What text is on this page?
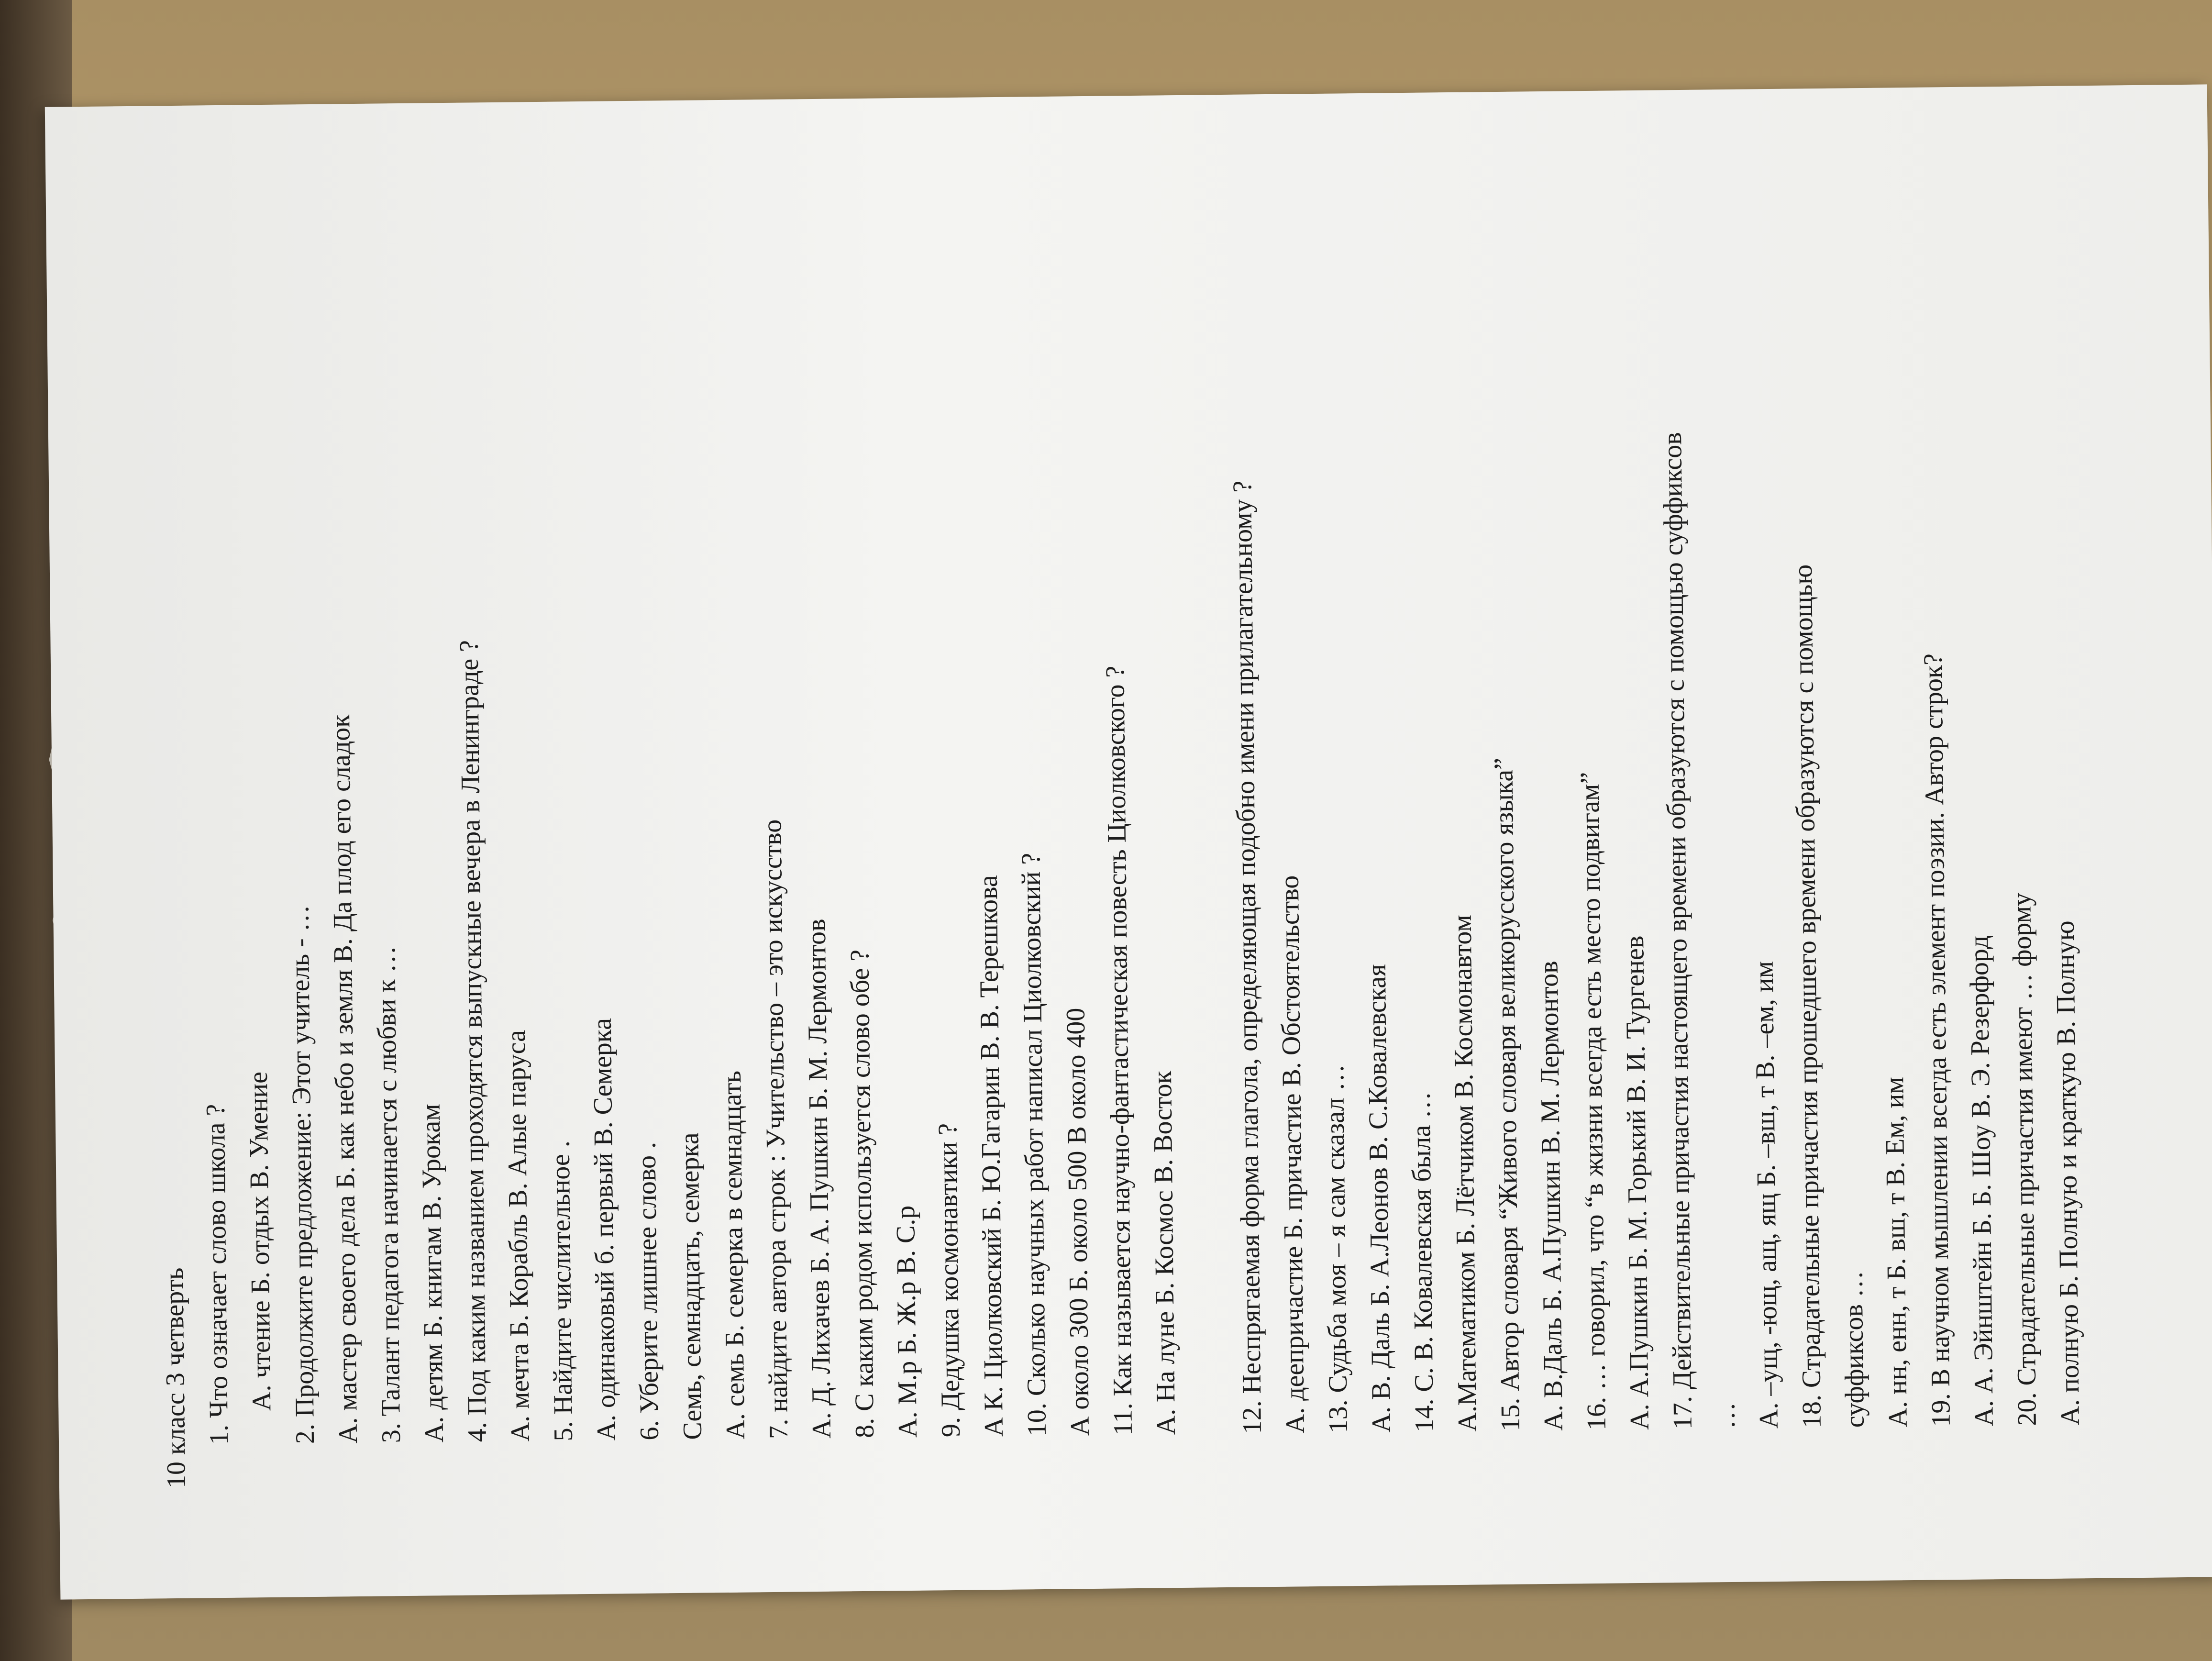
10 класс 3 четверть 1. Что означает слово школа ? А. чтение Б. отдых В. Умение 2. Продолжите предложение: Этот учитель - … А. мастер своего дела Б. как небо и земля В. Да плод его сладок 3. Талант педагога начинается с любви к … А. детям Б. книгам В. Урокам 4. Под каким названием проходятся выпускные вечера в Ленинграде ? А. мечта Б. Корабль В. Алые паруса 5. Найдите числительное . А. одинаковый б. первый В. Семерка 6. Уберите лишнее слово . Семь, семнадцать, семерка А. семь Б. семерка в семнадцать 7. найдите автора строк : Учительство – это искусство А. Д. Лихачев Б. А. Пушкин Б. М. Лермонтов 8. С каким родом используется слово обе ? А. М.р Б. Ж.р В. С.р 9. Дедушка космонавтики ? А К. Циолковский Б. Ю.Гагарин В. В. Терешкова 10. Сколько научных работ написал Циолковский ? А около 300 Б. около 500 В около 400 11. Как называется научно-фантастическая повесть Циолковского ? А. На луне Б. Космос В. Восток	12. Неспрягаемая форма глагола, определяющая подобно имени прилагательному ? А. деепричастие Б. причастие В. Обстоятельство 13. Судьба моя – я сам сказал … А. В. Даль Б. А.Леонов В. С.Ковалевская 14. С. В. Ковалевская была … А.Математиком Б. Лётчиком В. Космонавтом 15. Автор словаря “Живого словаря великорусского языка” А. В.Даль Б. А.Пушкин В. М. Лермонтов 16. … говорил, что “в жизни всегда есть место подвигам” А. А.Пушкин Б. М. Горький В. И. Тургенев 17. Действительные причастия настоящего времени образуются с помощью суффиксов … А. –ущ, -ющ, ащ, ящ Б. –вш, т В. –ем, им 18. Страдательные причастия прошедшего времени образуются с помощью суффиксов … А. нн, енн, т Б. вш, т В. Ем, им 19. В научном мышлении всегда есть элемент поэзии. Автор строк? А. А. Эйнштейн Б. Б. Шоу В. Э. Резерфорд 20. Страдательные причастия имеют … форму А. полную Б. Полную и краткую В. Полную
